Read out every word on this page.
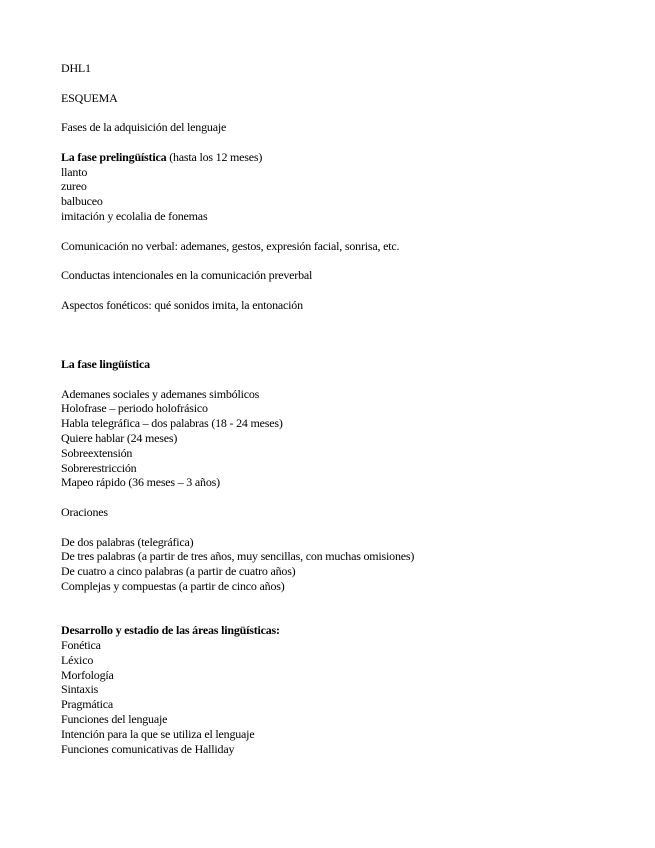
DHL1

ESQUEMA

Fases de la adquisición del lenguaje

La fase prelingüística (hasta los 12 meses)

llanto

zureo

balbuceo

imitación y ecolalia de fonemas

Comunicación no verbal: ademanes, gestos, expresión facial, sonrisa, etc.

Conductas intencionales en la comunicación preverbal

Aspectos fonéticos: qué sonidos imita, la entonación

La fase lingüística

Ademanes sociales y ademanes simbólicos

Holofrase – periodo holofrásico

Habla telegráfica – dos palabras (18 - 24 meses)

Quiere hablar (24 meses)

Sobreextensión

Sobrerestricción

Mapeo rápido (36 meses – 3 años)

Oraciones

De dos palabras (telegráfica)

De tres palabras (a partir de tres años, muy sencillas, con muchas omisiones)

De cuatro a cinco palabras (a partir de cuatro años)

Complejas y compuestas (a partir de cinco años)

Desarrollo y estadio de las áreas lingüísticas:

Fonética

Léxico

Morfología

Sintaxis

Pragmática

Funciones del lenguaje

Intención para la que se utiliza el lenguaje

Funciones comunicativas de Halliday
